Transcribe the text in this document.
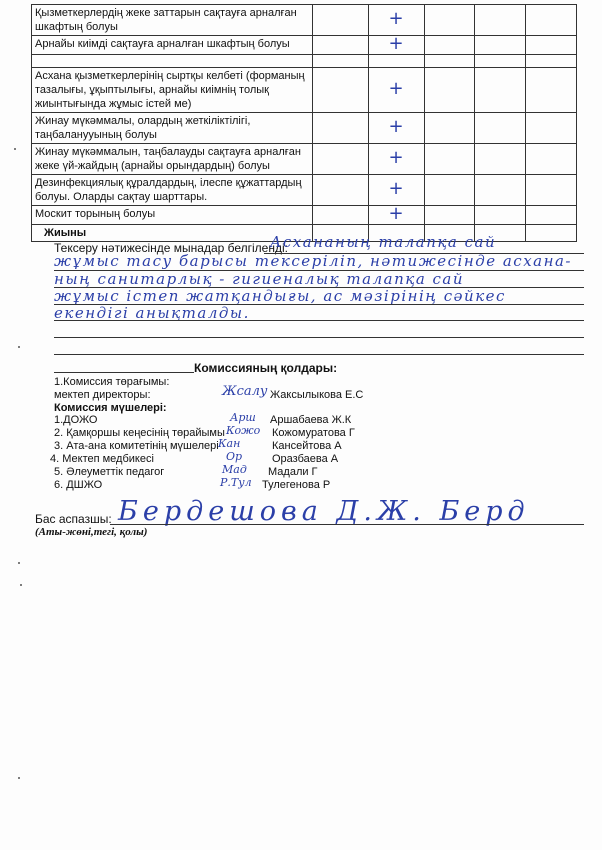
Қызметкерлердің жеке заттарын сақтауға арналған шкафтың болуы		+			
Арнайы киімді сақтауға арналған шкафтың болуы		+			

Асхана қызметкерлерінің сыртқы келбеті (форманың тазалығы, ұқыптылығы, арнайы киімнің толық жиынтығында жұмыс істей ме)		+			
Жинау мүкәммалы, олардың жеткіліктілігі, таңбаланууының болуы		+			
Жинау мүкәммалын, таңбалауды сақтауға арналған жеке үй-жайдың (арнайы орындардың) болуы		+			
Дезинфекциялық құралдардың, ілеспе құжаттардың болуы. Оларды сақтау шарттары.		+			
Москит торының болуы		+			
Жиыны					
Тексеру нәтижесінде мынадар белгіленді:
Асхананың талапқа сай
жұмыс тасу барысы тексеріліп, нәтижесінде асхана-
ның санитарлық - гигиеналық талапқа сай
жұмыс істеп жатқандығы, ас мәзірінің сәйкес
екендігі анықталды.
Комиссияның қолдары:
1.Комиссия төрағымы:
мектеп директоры:	Жсалу Жаксылыкова Е.С
Комиссия мүшелері:
1.ДОЖО	Арш Аршабаева Ж.К
2. Қамқоршы кеңесінің төрайымы Кожо Кожомуратова Г
3. Ата-ана комитетінің мүшелері Кан	Кансейтова А
4. Мектеп медбикесі	Ор	Оразбаева А
5. Әлеуметтік педагог	Мад Мадали Г
6. ДШЖО	Р.Тул Тулегенова Р
Бердешова Д.Ж. Берд
Бас аспазшы:
(Аты-жөні,тегі, қолы)
